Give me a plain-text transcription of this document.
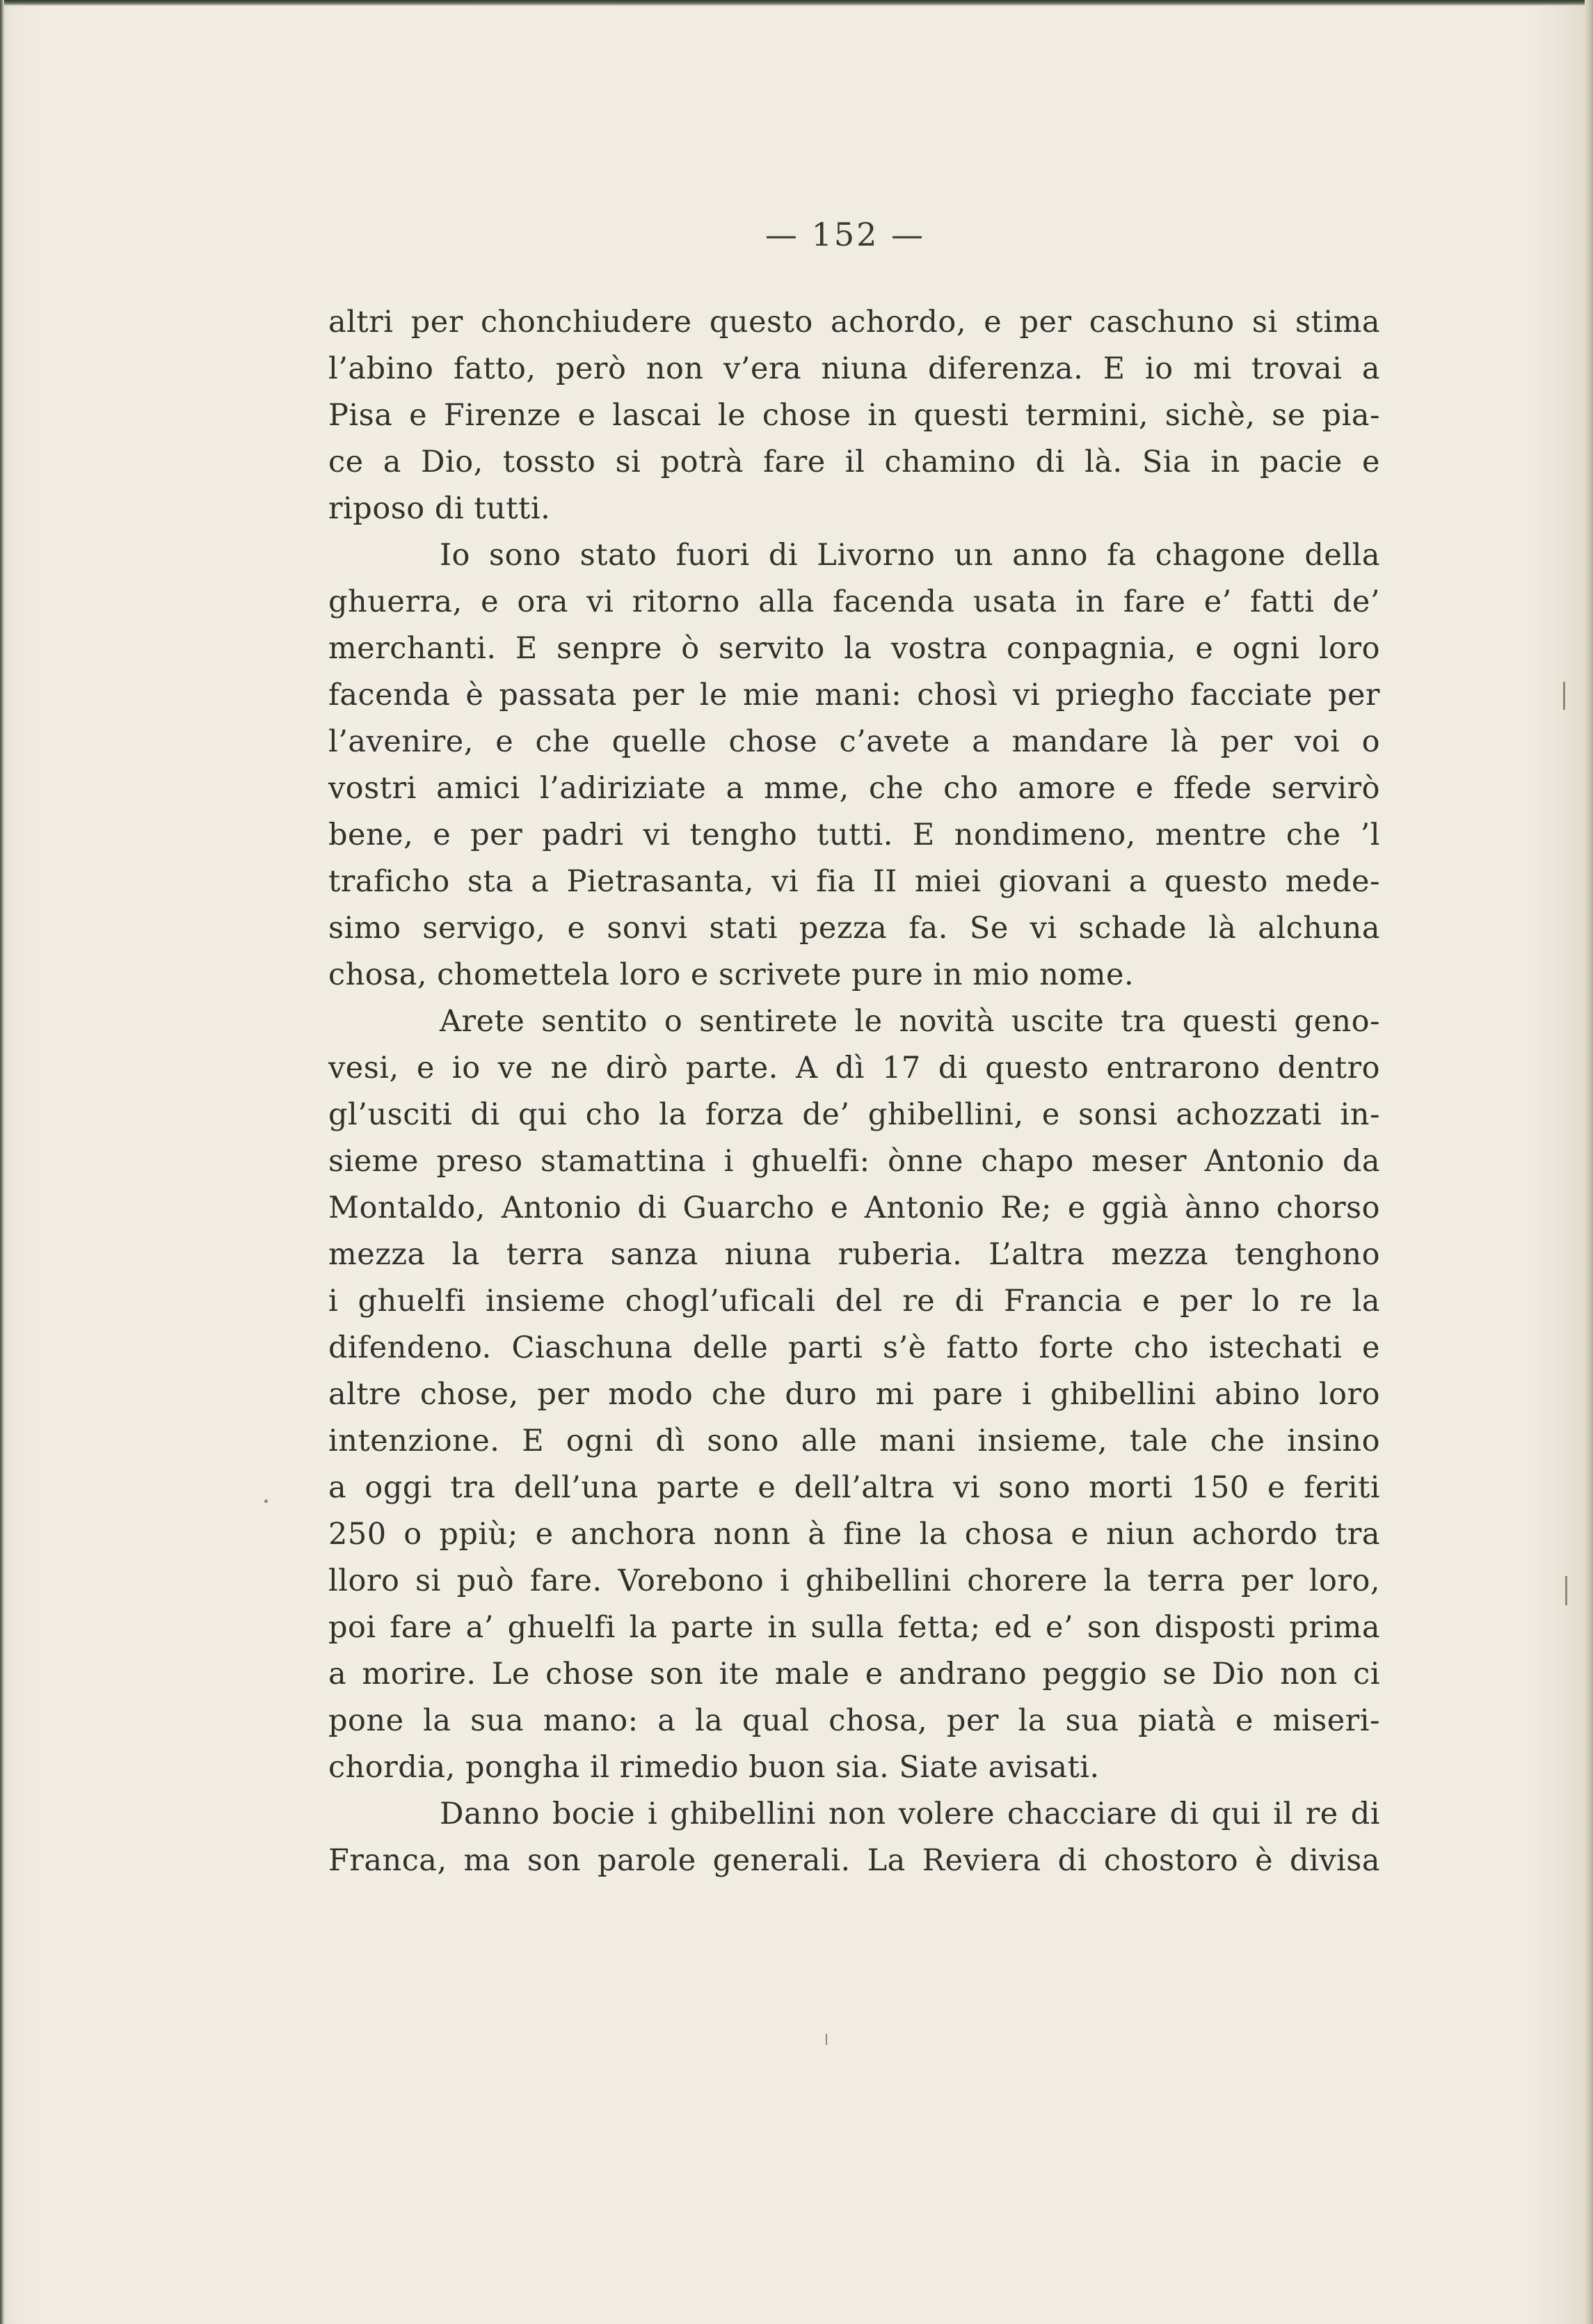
— 152 —
altri per chonchiudere questo achordo, e per caschuno si stima
l’abino fatto, però non v’era niuna diferenza. E io mi trovai a
Pisa e Firenze e lascai le chose in questi termini, sichè, se pia-
ce a Dio, tossto si potrà fare il chamino di là. Sia in pacie e
riposo di tutti.
Io sono stato fuori di Livorno un anno fa chagone della
ghuerra, e ora vi ritorno alla facenda usata in fare e’ fatti de’
merchanti. E senpre ò servito la vostra conpagnia, e ogni loro
facenda è passata per le mie mani: chosì vi priegho facciate per
l’avenire, e che quelle chose c’avete a mandare là per voi o
vostri amici l’adiriziate a mme, che cho amore e ffede servirò
bene, e per padri vi tengho tutti. E nondimeno, mentre che ’l
traficho sta a Pietrasanta, vi fia II miei giovani a questo mede-
simo servigo, e sonvi stati pezza fa. Se vi schade là alchuna
chosa, chomettela loro e scrivete pure in mio nome.
Arete sentito o sentirete le novità uscite tra questi geno-
vesi, e io ve ne dirò parte. A dì 17 di questo entrarono dentro
gl’usciti di qui cho la forza de’ ghibellini, e sonsi achozzati in-
sieme preso stamattina i ghuelfi: ònne chapo meser Antonio da
Montaldo, Antonio di Guarcho e Antonio Re; e ggià ànno chorso
mezza la terra sanza niuna ruberia. L’altra mezza tenghono
i ghuelfi insieme chogl’uficali del re di Francia e per lo re la
difendeno. Ciaschuna delle parti s’è fatto forte cho istechati e
altre chose, per modo che duro mi pare i ghibellini abino loro
intenzione. E ogni dì sono alle mani insieme, tale che insino
a oggi tra dell’una parte e dell’altra vi sono morti 150 e feriti
250 o ppiù; e anchora nonn à fine la chosa e niun achordo tra
lloro si può fare. Vorebono i ghibellini chorere la terra per loro,
poi fare a’ ghuelfi la parte in sulla fetta; ed e’ son disposti prima
a morire. Le chose son ite male e andrano peggio se Dio non ci
pone la sua mano: a la qual chosa, per la sua piatà e miseri-
chordia, pongha il rimedio buon sia. Siate avisati.
Danno bocie i ghibellini non volere chacciare di qui il re di
Franca, ma son parole generali. La Reviera di chostoro è divisa
